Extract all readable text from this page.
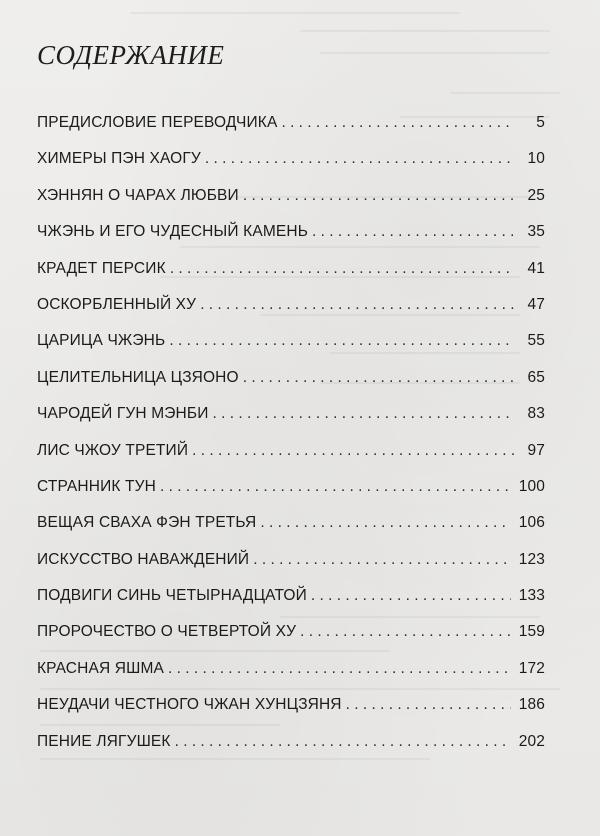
СОДЕРЖАНИЕ
ПРЕДИСЛОВИЕ ПЕРЕВОДЧИКА . . .	5
ХИМЕРЫ ПЭН ХАОГУ . . .	10
ХЭННЯН О ЧАРАХ ЛЮБВИ . . .	25
ЧЖЭНЬ И ЕГО ЧУДЕСНЫЙ КАМЕНЬ . . .	35
КРАДЕТ ПЕРСИК . . .	41
ОСКОРБЛЕННЫЙ ХУ . . .	47
ЦАРИЦА ЧЖЭНЬ . . .	55
ЦЕЛИТЕЛЬНИЦА ЦЗЯОНО . . .	65
ЧАРОДЕЙ ГУН МЭНБИ . . .	83
ЛИС ЧЖОУ ТРЕТИЙ . . .	97
СТРАННИК ТУН . . .	100
ВЕЩАЯ СВАХА ФЭН ТРЕТЬЯ . . .	106
ИСКУССТВО НАВАЖДЕНИЙ . . .	123
ПОДВИГИ СИНЬ ЧЕТЫРНАДЦАТОЙ . . .	133
ПРОРОЧЕСТВО О ЧЕТВЕРТОЙ ХУ . . .	159
КРАСНАЯ ЯШМА . . .	172
НЕУДАЧИ ЧЕСТНОГО ЧЖАН ХУНЦЗЯНЯ . . .	186
ПЕНИЕ ЛЯГУШЕК . . .	202
